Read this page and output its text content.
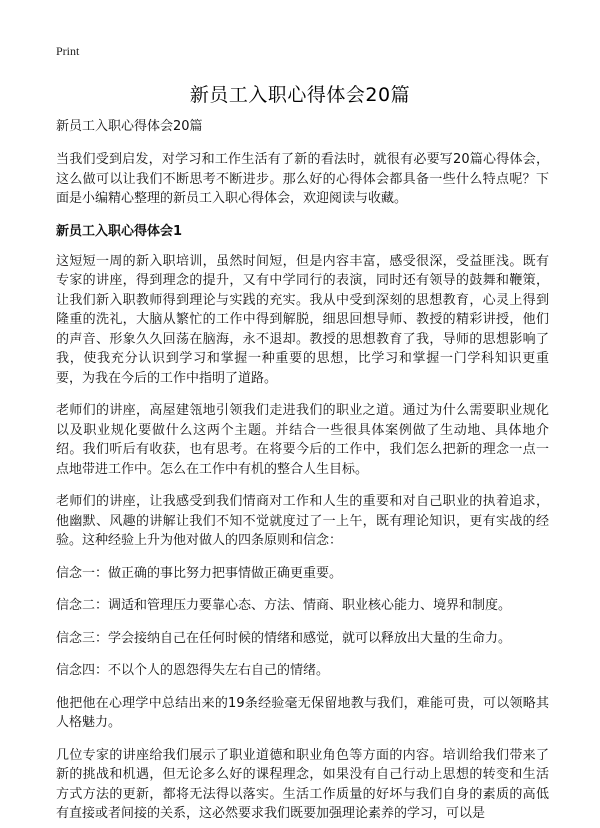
Print
新员工入职心得体会20篇

新员工入职心得体会20篇

当我们受到启发，对学习和工作生活有了新的看法时，就很有必要写20篇心得体会，这么做可以让我们不断思考不断进步。那么好的心得体会都具备一些什么特点呢？下面是小编精心整理的新员工入职心得体会，欢迎阅读与收藏。

新员工入职心得体会1

这短短一周的新入职培训，虽然时间短，但是内容丰富，感受很深，受益匪浅。既有专家的讲座，得到理念的提升，又有中学同行的表演，同时还有领导的鼓舞和鞭策，让我们新入职教师得到理论与实践的充实。我从中受到深刻的思想教育，心灵上得到隆重的洗礼，大脑从繁忙的工作中得到解脱，细思回想导师、教授的精彩讲授，他们的声音、形象久久回荡在脑海，永不退却。教授的思想教育了我，导师的思想影响了我，使我充分认识到学习和掌握一种重要的思想，比学习和掌握一门学科知识更重要，为我在今后的工作中指明了道路。

老师们的讲座，高屋建瓴地引领我们走进我们的职业之道。通过为什么需要职业规化以及职业规化要做什么这两个主题。并结合一些很具体案例做了生动地、具体地介绍。我们听后有收获，也有思考。在将要今后的工作中，我们怎么把新的理念一点一点地带进工作中。怎么在工作中有机的整合人生目标。

老师们的讲座，让我感受到我们情商对工作和人生的重要和对自己职业的执着追求，他幽默、风趣的讲解让我们不知不觉就度过了一上午，既有理论知识，更有实战的经验。这种经验上升为他对做人的四条原则和信念：

信念一：做正确的事比努力把事情做正确更重要。

信念二：调适和管理压力要靠心态、方法、情商、职业核心能力、境界和制度。

信念三：学会接纳自己在任何时候的情绪和感觉，就可以释放出大量的生命力。

信念四：不以个人的恩怨得失左右自己的情绪。

他把他在心理学中总结出来的19条经验毫无保留地教与我们，难能可贵，可以领略其人格魅力。

几位专家的讲座给我们展示了职业道德和职业角色等方面的内容。培训给我们带来了新的挑战和机遇，但无论多么好的课程理念，如果没有自己行动上思想的转变和生活方式方法的更新，都将无法得以落实。生活工作质量的好坏与我们自身的素质的高低有直接或者间接的关系，这必然要求我们既要加强理论素养的学习，可以是
